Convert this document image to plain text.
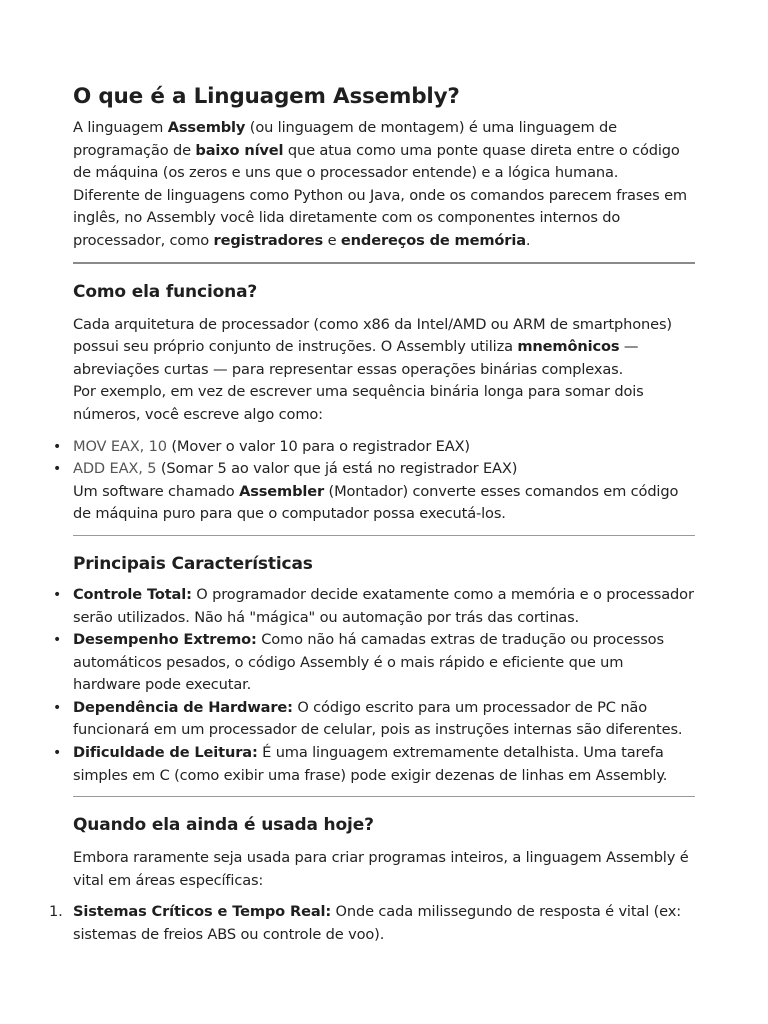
O que é a Linguagem Assembly?

A linguagem Assembly (ou linguagem de montagem) é uma linguagem de programação de baixo nível que atua como uma ponte quase direta entre o código de máquina (os zeros e uns que o processador entende) e a lógica humana.

Diferente de linguagens como Python ou Java, onde os comandos parecem frases em inglês, no Assembly você lida diretamente com os componentes internos do processador, como registradores e endereços de memória.

Como ela funciona?

Cada arquitetura de processador (como x86 da Intel/AMD ou ARM de smartphones) possui seu próprio conjunto de instruções. O Assembly utiliza mnemônicos — abreviações curtas — para representar essas operações binárias complexas.

Por exemplo, em vez de escrever uma sequência binária longa para somar dois números, você escreve algo como:

• MOV EAX, 10 (Mover o valor 10 para o registrador EAX)
• ADD EAX, 5 (Somar 5 ao valor que já está no registrador EAX)

Um software chamado Assembler (Montador) converte esses comandos em código de máquina puro para que o computador possa executá-los.

Principais Características
• Controle Total: O programador decide exatamente como a memória e o processador serão utilizados. Não há "mágica" ou automação por trás das cortinas.
• Desempenho Extremo: Como não há camadas extras de tradução ou processos automáticos pesados, o código Assembly é o mais rápido e eficiente que um hardware pode executar.
• Dependência de Hardware: O código escrito para um processador de PC não funcionará em um processador de celular, pois as instruções internas são diferentes.
• Dificuldade de Leitura: É uma linguagem extremamente detalhista. Uma tarefa simples em C (como exibir uma frase) pode exigir dezenas de linhas em Assembly.
Quando ela ainda é usada hoje?

Embora raramente seja usada para criar programas inteiros, a linguagem Assembly é vital em áreas específicas:

1. Sistemas Críticos e Tempo Real: Onde cada milissegundo de resposta é vital (ex: sistemas de freios ABS ou controle de voo).
